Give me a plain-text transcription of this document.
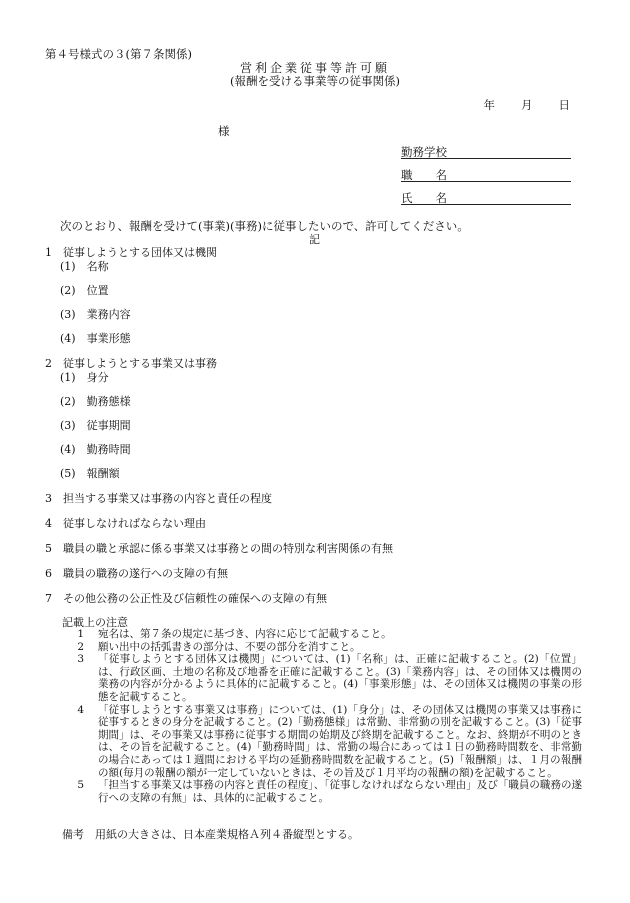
第４号様式の３(第７条関係)
営利企業従事等許可願
(報酬を受ける事業等の従事関係)
年 月 日
様
勤務学校
職　　名
氏　　名
次のとおり、報酬を受けて(事業)(事務)に従事したいので、許可してください。
記
1　従事しようとする団体又は機関
(1)　名称
(2)　位置
(3)　業務内容
(4)　事業形態
2　従事しようとする事業又は事務
(1)　身分
(2)　勤務態様
(3)　従事期間
(4)　勤務時間
(5)　報酬額
3　担当する事業又は事務の内容と責任の程度
4　従事しなければならない理由
5　職員の職と承認に係る事業又は事務との間の特別な利害関係の有無
6　職員の職務の遂行への支障の有無
7　その他公務の公正性及び信頼性の確保への支障の有無
記載上の注意
1	宛名は、第７条の規定に基づき、内容に応じて記載すること。
2	願い出中の括弧書きの部分は、不要の部分を消すこと。
3	「従事しようとする団体又は機関」については、(1)「名称」は、正確に記載すること。(2)「位置」は、行政区画、土地の名称及び地番を正確に記載すること。(3)「業務内容」は、その団体又は機関の業務の内容が分かるように具体的に記載すること。(4)「事業形態」は、その団体又は機関の事業の形態を記載すること。
4	「従事しようとする事業又は事務」については、(1)「身分」は、その団体又は機関の事業又は事務に従事するときの身分を記載すること。(2)「勤務態様」は常勤、非常勤の別を記載すること。(3)「従事期間」は、その事業又は事務に従事する期間の始期及び終期を記載すること。なお、終期が不明のときは、その旨を記載すること。(4)「勤務時間」は、常勤の場合にあっては１日の勤務時間数を、非常勤の場合にあっては１週間における平均の延勤務時間数を記載すること。(5)「報酬額」は、１月の報酬の額(毎月の報酬の額が一定していないときは、その旨及び１月平均の報酬の額)を記載すること。
5	「担当する事業又は事務の内容と責任の程度」、「従事しなければならない理由」及び「職員の職務の遂行への支障の有無」は、具体的に記載すること。
備考　用紙の大きさは、日本産業規格Ａ列４番縦型とする。
